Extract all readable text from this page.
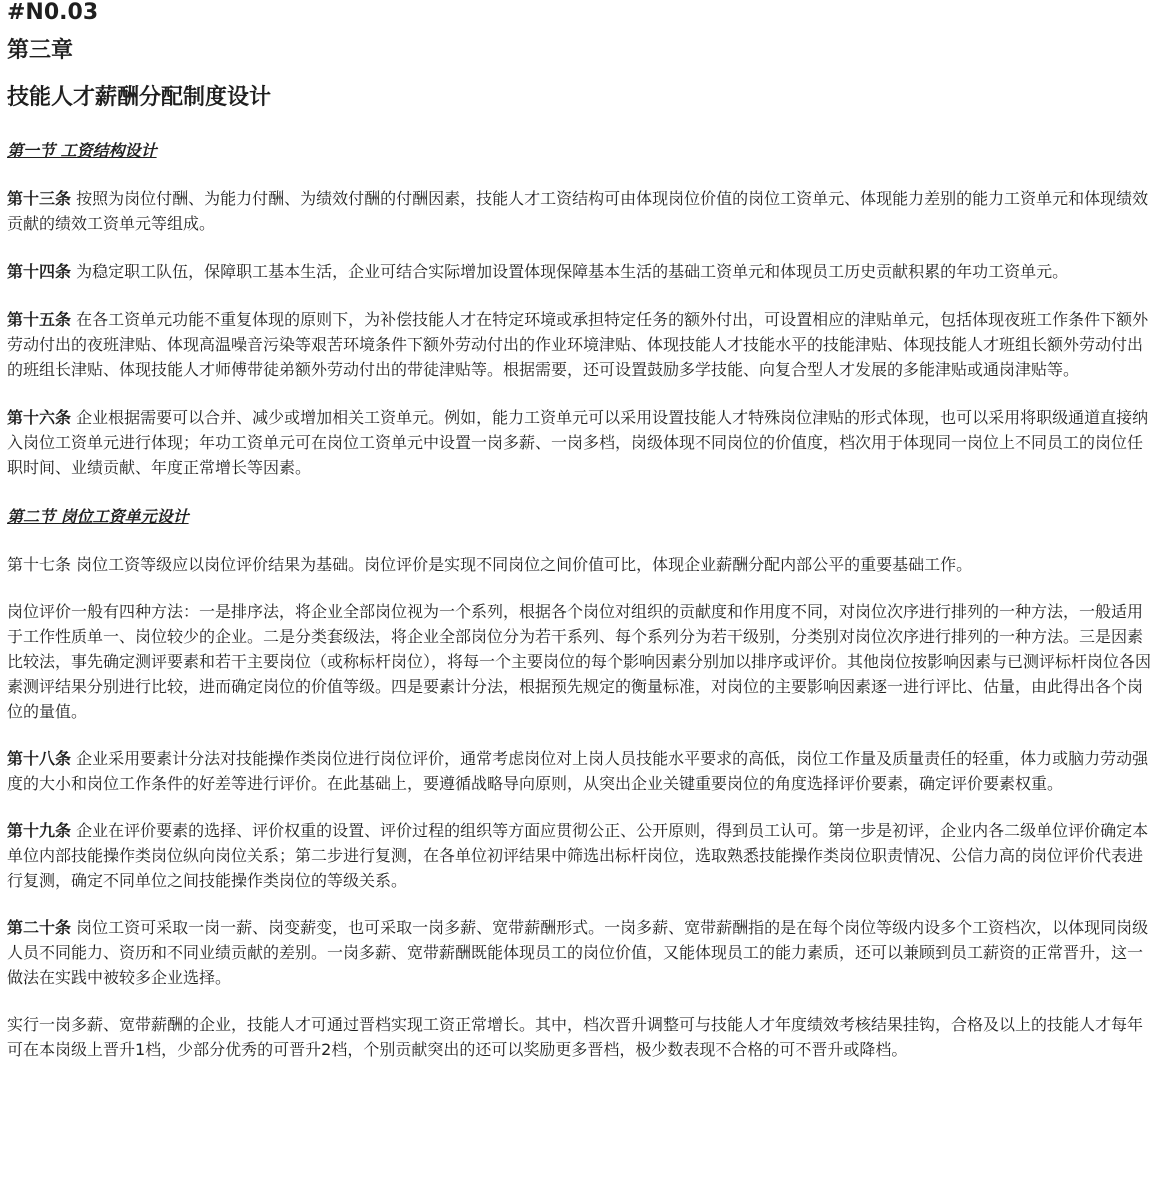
#N0.03
第三章
技能人才薪酬分配制度设计
第一节 工资结构设计

第十三条 按照为岗位付酬、为能力付酬、为绩效付酬的付酬因素，技能人才工资结构可由体现岗位价值的岗位工资单元、体现能力差别的能力工资单元和体现绩效贡献的绩效工资单元等组成。

第十四条 为稳定职工队伍，保障职工基本生活，企业可结合实际增加设置体现保障基本生活的基础工资单元和体现员工历史贡献积累的年功工资单元。

第十五条 在各工资单元功能不重复体现的原则下，为补偿技能人才在特定环境或承担特定任务的额外付出，可设置相应的津贴单元，包括体现夜班工作条件下额外劳动付出的夜班津贴、体现高温噪音污染等艰苦环境条件下额外劳动付出的作业环境津贴、体现技能人才技能水平的技能津贴、体现技能人才班组长额外劳动付出的班组长津贴、体现技能人才师傅带徒弟额外劳动付出的带徒津贴等。根据需要，还可设置鼓励多学技能、向复合型人才发展的多能津贴或通岗津贴等。

第十六条 企业根据需要可以合并、减少或增加相关工资单元。例如，能力工资单元可以采用设置技能人才特殊岗位津贴的形式体现，也可以采用将职级通道直接纳入岗位工资单元进行体现；年功工资单元可在岗位工资单元中设置一岗多薪、一岗多档，岗级体现不同岗位的价值度，档次用于体现同一岗位上不同员工的岗位任职时间、业绩贡献、年度正常增长等因素。

第二节 岗位工资单元设计

第十七条 岗位工资等级应以岗位评价结果为基础。岗位评价是实现不同岗位之间价值可比，体现企业薪酬分配内部公平的重要基础工作。

岗位评价一般有四种方法：一是排序法，将企业全部岗位视为一个系列，根据各个岗位对组织的贡献度和作用度不同，对岗位次序进行排列的一种方法，一般适用于工作性质单一、岗位较少的企业。二是分类套级法，将企业全部岗位分为若干系列、每个系列分为若干级别，分类别对岗位次序进行排列的一种方法。三是因素比较法，事先确定测评要素和若干主要岗位（或称标杆岗位），将每一个主要岗位的每个影响因素分别加以排序或评价。其他岗位按影响因素与已测评标杆岗位各因素测评结果分别进行比较，进而确定岗位的价值等级。四是要素计分法，根据预先规定的衡量标准，对岗位的主要影响因素逐一进行评比、估量，由此得出各个岗位的量值。

第十八条 企业采用要素计分法对技能操作类岗位进行岗位评价，通常考虑岗位对上岗人员技能水平要求的高低，岗位工作量及质量责任的轻重，体力或脑力劳动强度的大小和岗位工作条件的好差等进行评价。在此基础上，要遵循战略导向原则，从突出企业关键重要岗位的角度选择评价要素，确定评价要素权重。

第十九条 企业在评价要素的选择、评价权重的设置、评价过程的组织等方面应贯彻公正、公开原则，得到员工认可。第一步是初评，企业内各二级单位评价确定本单位内部技能操作类岗位纵向岗位关系；第二步进行复测，在各单位初评结果中筛选出标杆岗位，选取熟悉技能操作类岗位职责情况、公信力高的岗位评价代表进行复测，确定不同单位之间技能操作类岗位的等级关系。

第二十条 岗位工资可采取一岗一薪、岗变薪变，也可采取一岗多薪、宽带薪酬形式。一岗多薪、宽带薪酬指的是在每个岗位等级内设多个工资档次，以体现同岗级人员不同能力、资历和不同业绩贡献的差别。一岗多薪、宽带薪酬既能体现员工的岗位价值，又能体现员工的能力素质，还可以兼顾到员工薪资的正常晋升，这一做法在实践中被较多企业选择。

实行一岗多薪、宽带薪酬的企业，技能人才可通过晋档实现工资正常增长。其中，档次晋升调整可与技能人才年度绩效考核结果挂钩，合格及以上的技能人才每年可在本岗级上晋升1档，少部分优秀的可晋升2档，个别贡献突出的还可以奖励更多晋档，极少数表现不合格的可不晋升或降档。
